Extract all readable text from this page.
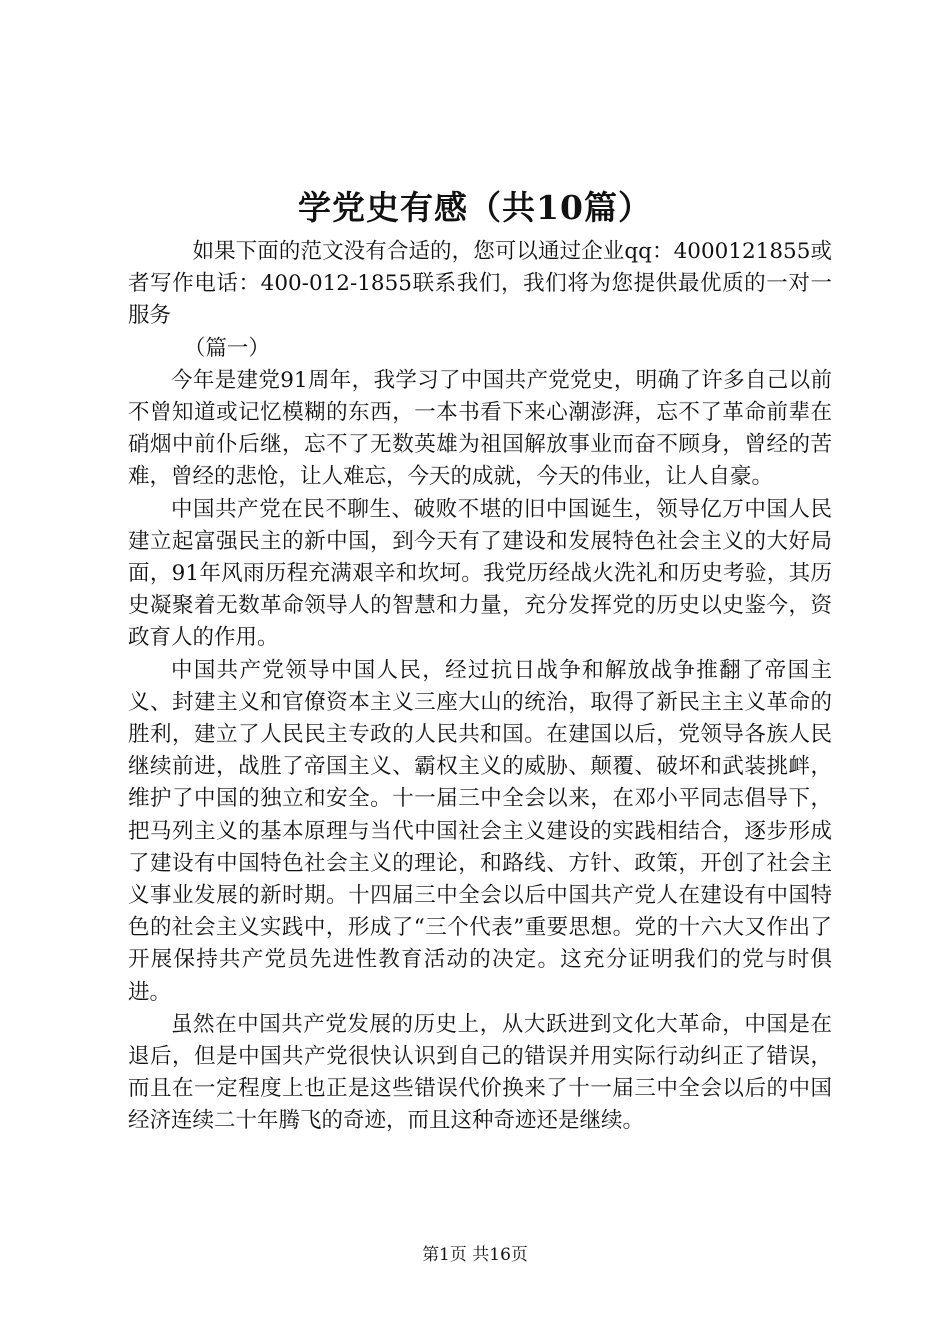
学党史有感（共10篇）

如果下面的范文没有合适的，您可以通过企业qq：4000121855或者写作电话：400-012-1855联系我们，我们将为您提供最优质的一对一服务

（篇一）

今年是建党91周年，我学习了中国共产党党史，明确了许多自己以前不曾知道或记忆模糊的东西，一本书看下来心潮澎湃，忘不了革命前辈在硝烟中前仆后继，忘不了无数英雄为祖国解放事业而奋不顾身，曾经的苦难，曾经的悲怆，让人难忘，今天的成就，今天的伟业，让人自豪。

中国共产党在民不聊生、破败不堪的旧中国诞生，领导亿万中国人民建立起富强民主的新中国，到今天有了建设和发展特色社会主义的大好局面，91年风雨历程充满艰辛和坎坷。我党历经战火洗礼和历史考验，其历史凝聚着无数革命领导人的智慧和力量，充分发挥党的历史以史鉴今，资政育人的作用。

中国共产党领导中国人民，经过抗日战争和解放战争推翻了帝国主义、封建主义和官僚资本主义三座大山的统治，取得了新民主主义革命的胜利，建立了人民民主专政的人民共和国。在建国以后，党领导各族人民继续前进，战胜了帝国主义、霸权主义的威胁、颠覆、破坏和武装挑衅，维护了中国的独立和安全。十一届三中全会以来，在邓小平同志倡导下，把马列主义的基本原理与当代中国社会主义建设的实践相结合，逐步形成了建设有中国特色社会主义的理论，和路线、方针、政策，开创了社会主义事业发展的新时期。十四届三中全会以后中国共产党人在建设有中国特色的社会主义实践中，形成了“三个代表”重要思想。党的十六大又作出了开展保持共产党员先进性教育活动的决定。这充分证明我们的党与时俱进。

虽然在中国共产党发展的历史上，从大跃进到文化大革命，中国是在退后，但是中国共产党很快认识到自己的错误并用实际行动纠正了错误，而且在一定程度上也正是这些错误代价换来了十一届三中全会以后的中国经济连续二十年腾飞的奇迹，而且这种奇迹还是继续。

第1页 共16页
